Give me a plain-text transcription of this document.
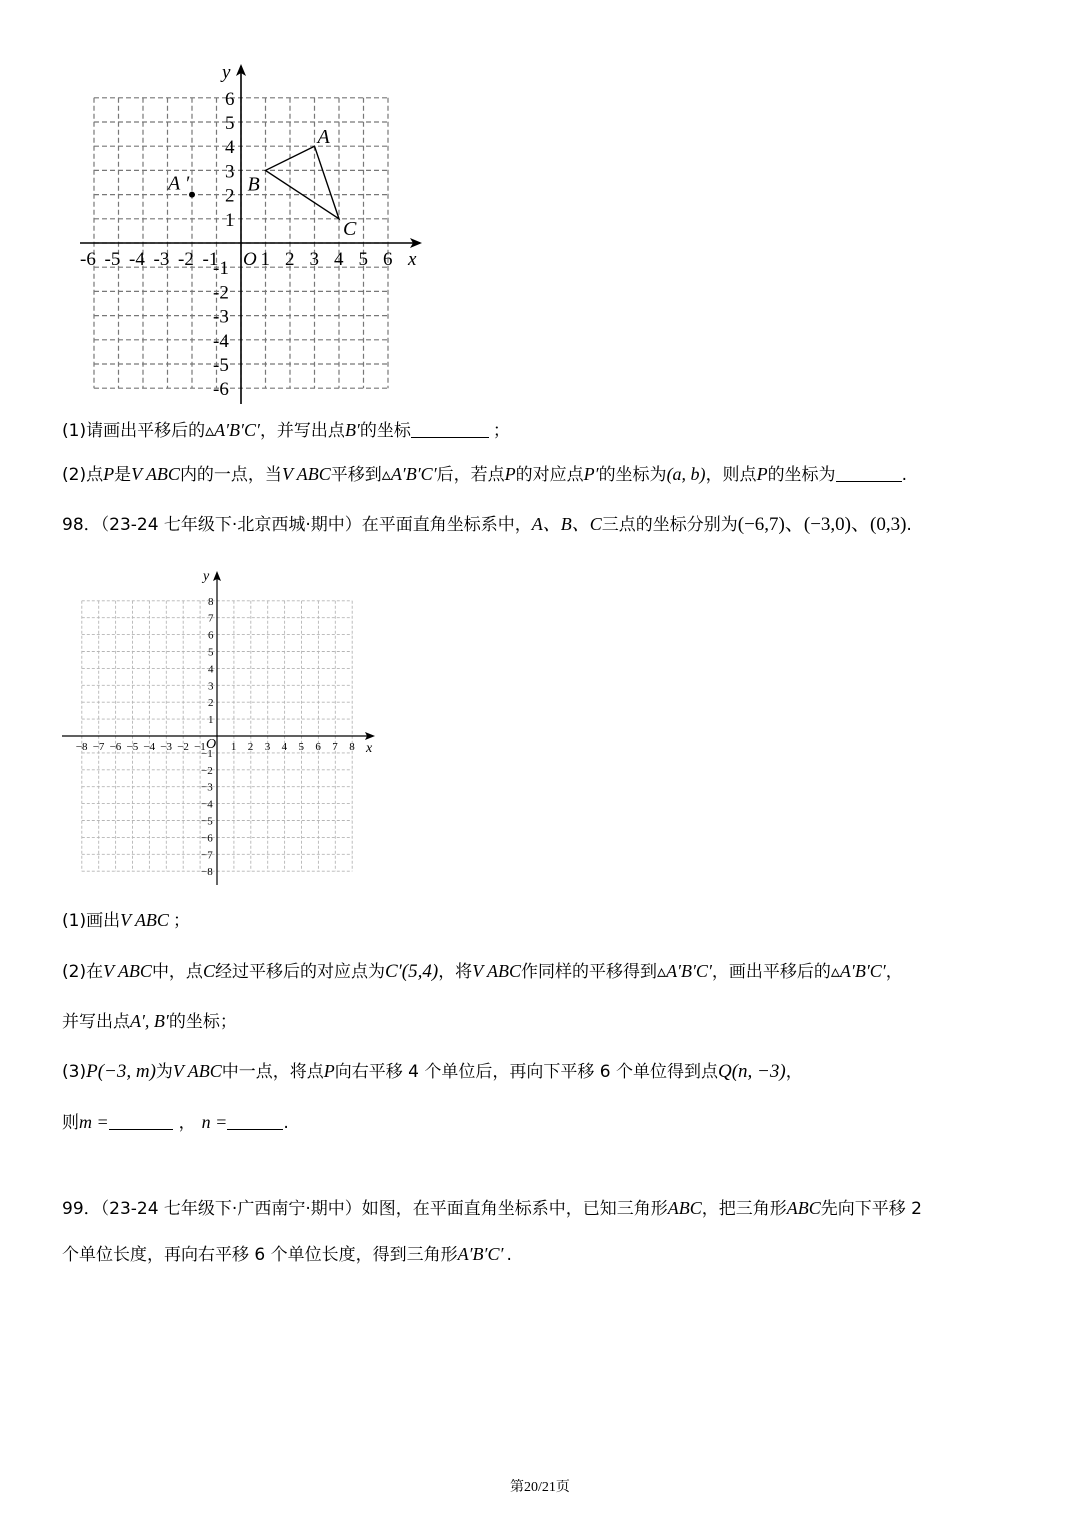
x
y
O
-6 -5 -4 -3 -2 -1 1 2 3 4 5 6
6
5
4
3
2
1
-1
-2
-3
-4
-5
-6
A
B
C
A ′
(1)请画出平移后的▵A′B′C′，并写出点B′的坐标	；
(2)点P是V ABC内的一点，当V ABC平移到▵A′B′C′后，若点P的对应点P′的坐标为(a, b)，则点P的坐标为	.
98．（23-24 七年级下·北京西城·期中）在平面直角坐标系中，A、B、C三点的坐标分别为(−6,7)、(−3,0)、(0,3).
x
y
O
−8 −7 −6 −5 −4 −3 −2 −1 1 2 3 4 5 6 7 8
8
7
6
5
4
3
2
1
−1
−2
−3
−4
−5
−6
−7
−8
(1)画出V ABC ；
(2)在V ABC中，点C经过平移后的对应点为C′(5,4)，将V ABC作同样的平移得到▵A′B′C′，画出平移后的▵A′B′C′，
并写出点A′, B′的坐标；
(3)P(−3, m)为V ABC中一点，将点P向右平移 4 个单位后，再向下平移 6 个单位得到点Q(n, −3)，
则m =	， n =	.
99．（23-24 七年级下·广西南宁·期中）如图，在平面直角坐标系中，已知三角形ABC，把三角形ABC先向下平移 2
个单位长度，再向右平移 6 个单位长度，得到三角形A′B′C′ .
第20/21页
